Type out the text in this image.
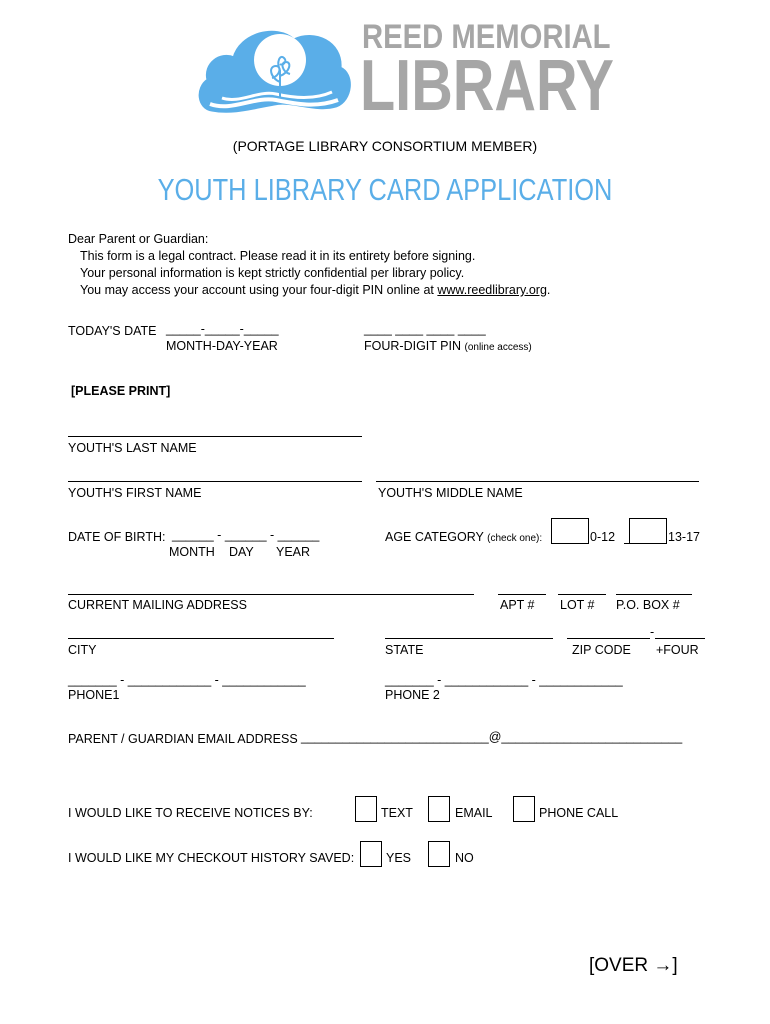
REED MEMORIAL
LIBRARY
(PORTAGE LIBRARY CONSORTIUM MEMBER)
YOUTH LIBRARY CARD APPLICATION
Dear Parent or Guardian:
This form is a legal contract. Please read it in its entirety before signing.
Your personal information is kept strictly confidential per library policy.
You may access your account using your four-digit PIN online at www.reedlibrary.org.
TODAY'S DATE _____-_____-_____
MONTH-DAY-YEAR
____ ____ ____ ____
FOUR-DIGIT PIN (online access)
[PLEASE PRINT]
YOUTH'S LAST NAME
YOUTH'S FIRST NAME	YOUTH'S MIDDLE NAME
DATE OF BIRTH: ______ - ______ - ______
MONTH DAY YEAR
AGE CATEGORY (check one):	0-12	13-17
CURRENT MAILING ADDRESS	APT # LOT # P.O. BOX #
CITY	STATE
-
ZIP CODE +FOUR
_______ - ____________ - ____________
PHONE1
_______ - ____________ - ____________
PHONE 2
PARENT / GUARDIAN EMAIL ADDRESS ___________________________@__________________________
I WOULD LIKE TO RECEIVE NOTICES BY:	TEXT	EMAIL	PHONE CALL
I WOULD LIKE MY CHECKOUT HISTORY SAVED:	YES	NO
[OVER →]
